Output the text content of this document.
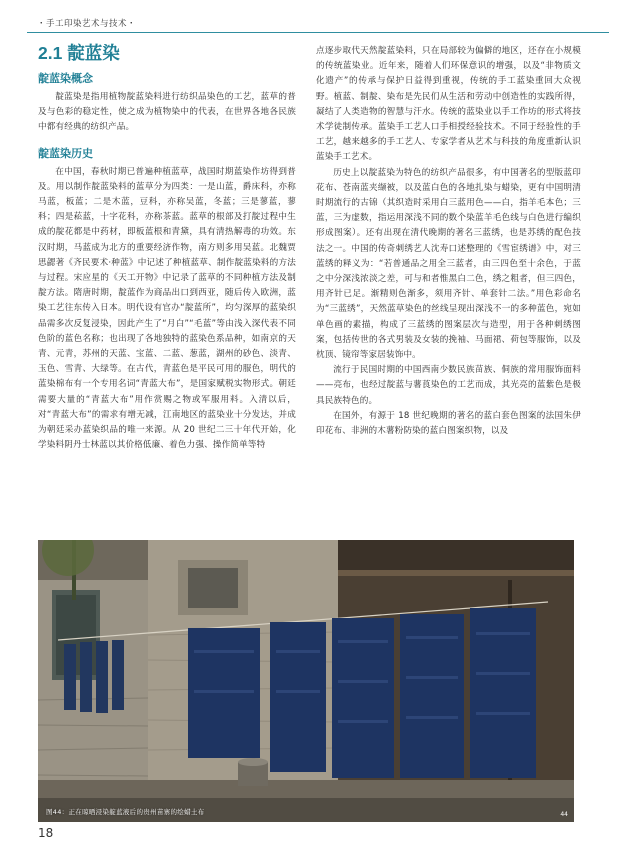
・手工印染艺术与技术・
2.1 靛蓝染
靛蓝染概念

靛蓝染是指用植物靛蓝染料进行纺织品染色的工艺，蓝草的普及与色彩的稳定性，使之成为植物染中的代表，在世界各地各民族中都有经典的纺织产品。

靛蓝染历史

在中国，春秋时期已普遍种植蓝草，战国时期蓝染作坊得到普及。用以制作靛蓝染料的蓝草分为四类：一是山蓝，爵床科，亦称马蓝，板蓝；二是木蓝，豆科，亦称吴蓝，冬蓝；三是蓼蓝，蓼科；四是菘蓝，十字花科，亦称茶蓝。蓝草的根部及打靛过程中生成的靛花都是中药材，即板蓝根和青黛，具有清热解毒的功效。东汉时期，马蓝成为北方的重要经济作物，南方则多用吴蓝。北魏贾思勰著《齐民要术·种蓝》中记述了种植蓝草、制作靛蓝染料的方法与过程。宋应星的《天工开物》中记录了蓝草的不同种植方法及制靛方法。隋唐时期，靛蓝作为商品出口到西亚，随后传入欧洲，蓝染工艺往东传入日本。明代设有官办“靛蓝所”，均匀深厚的蓝染织品需多次反复浸染，因此产生了“月白”“毛蓝”等由浅入深代表不同色阶的蓝色名称；也出现了各地独特的蓝染色系品种，如南京的天青、元青，苏州的天蓝、宝蓝、二蓝、葱蓝，湖州的砂色、淡青、玉色、雪青、大绿等。在古代，青蓝色是平民可用的服色，明代的蓝染棉布有一个专用名词“青蓝大布”，是国家赋税实物形式。朝廷需要大量的“青蓝大布”用作赏赐之物或军服用料。入清以后，对“青蓝大布”的需求有增无减，江南地区的蓝染业十分发达，并成为朝廷采办蓝染织品的唯一来源。从 20 世纪二三十年代开始，化学染料阴丹士林蓝以其价格低廉、着色力强、操作简单等特

点逐步取代天然靛蓝染料，只在局部较为偏僻的地区，还存在小规模的传统蓝染业。近年来，随着人们环保意识的增强，以及“非物质文化遗产”的传承与保护日益得到重视，传统的手工蓝染重回大众视野。植蓝、制靛、染布是先民们从生活和劳动中创造性的实践所得，凝结了人类造物的智慧与汗水。传统的蓝染业以手工作坊的形式将技术学徒制传承。蓝染手工艺人口手相授经验技术。不同于经验性的手工艺，越来越多的手工艺人、专家学者从艺术与科技的角度重新认识蓝染手工艺术。

历史上以靛蓝染为特色的纺织产品很多，有中国著名的型版蓝印花布、苍南蓝夹缬被，以及蓝白色的各地扎染与蜡染，更有中国明清时期流行的古锦（其织造时采用白三蓝用色——白，指羊毛本色；三蓝，三为虚数，指运用深浅不同的数个染蓝羊毛色线与白色进行编织形成图案）。还有出现在清代晚期的著名三蓝绣，也是苏绣的配色技法之一。中国的传奇刺绣艺人沈寿口述整理的《雪宦绣谱》中，对三蓝绣的释义为：“若普通品之用全三蓝者，由三四色至十余色，于蓝之中分深浅浓淡之差，可与和者惟黑白二色，绣之粗者，但三四色，用齐针已足。渐精则色渐多，须用齐针、单套针二法。”用色彩命名为“三蓝绣”，天然蓝草染色的丝线呈现出深浅不一的多种蓝色，宛如单色画的素描，构成了三蓝绣的图案层次与造型，用于各种刺绣图案，包括传世的各式男装及女装的挽袖、马面裙、荷包等服饰，以及枕顶、镜帘等家居装饰中。

流行于民国时期的中国西南少数民族苗族、侗族的常用服饰面料——亮布，也经过靛蓝与薯莨染色的工艺而成，其光亮的蓝紫色是极具民族特色的。

在国外，有源于 18 世纪晚期的著名的蓝白套色图案的法国朱伊印花布、非洲的木薯粉防染的蓝白图案织物，以及

图44：正在晾晒浸染靛蓝液后的贵州苗寨的绘蜡土布	44
18
